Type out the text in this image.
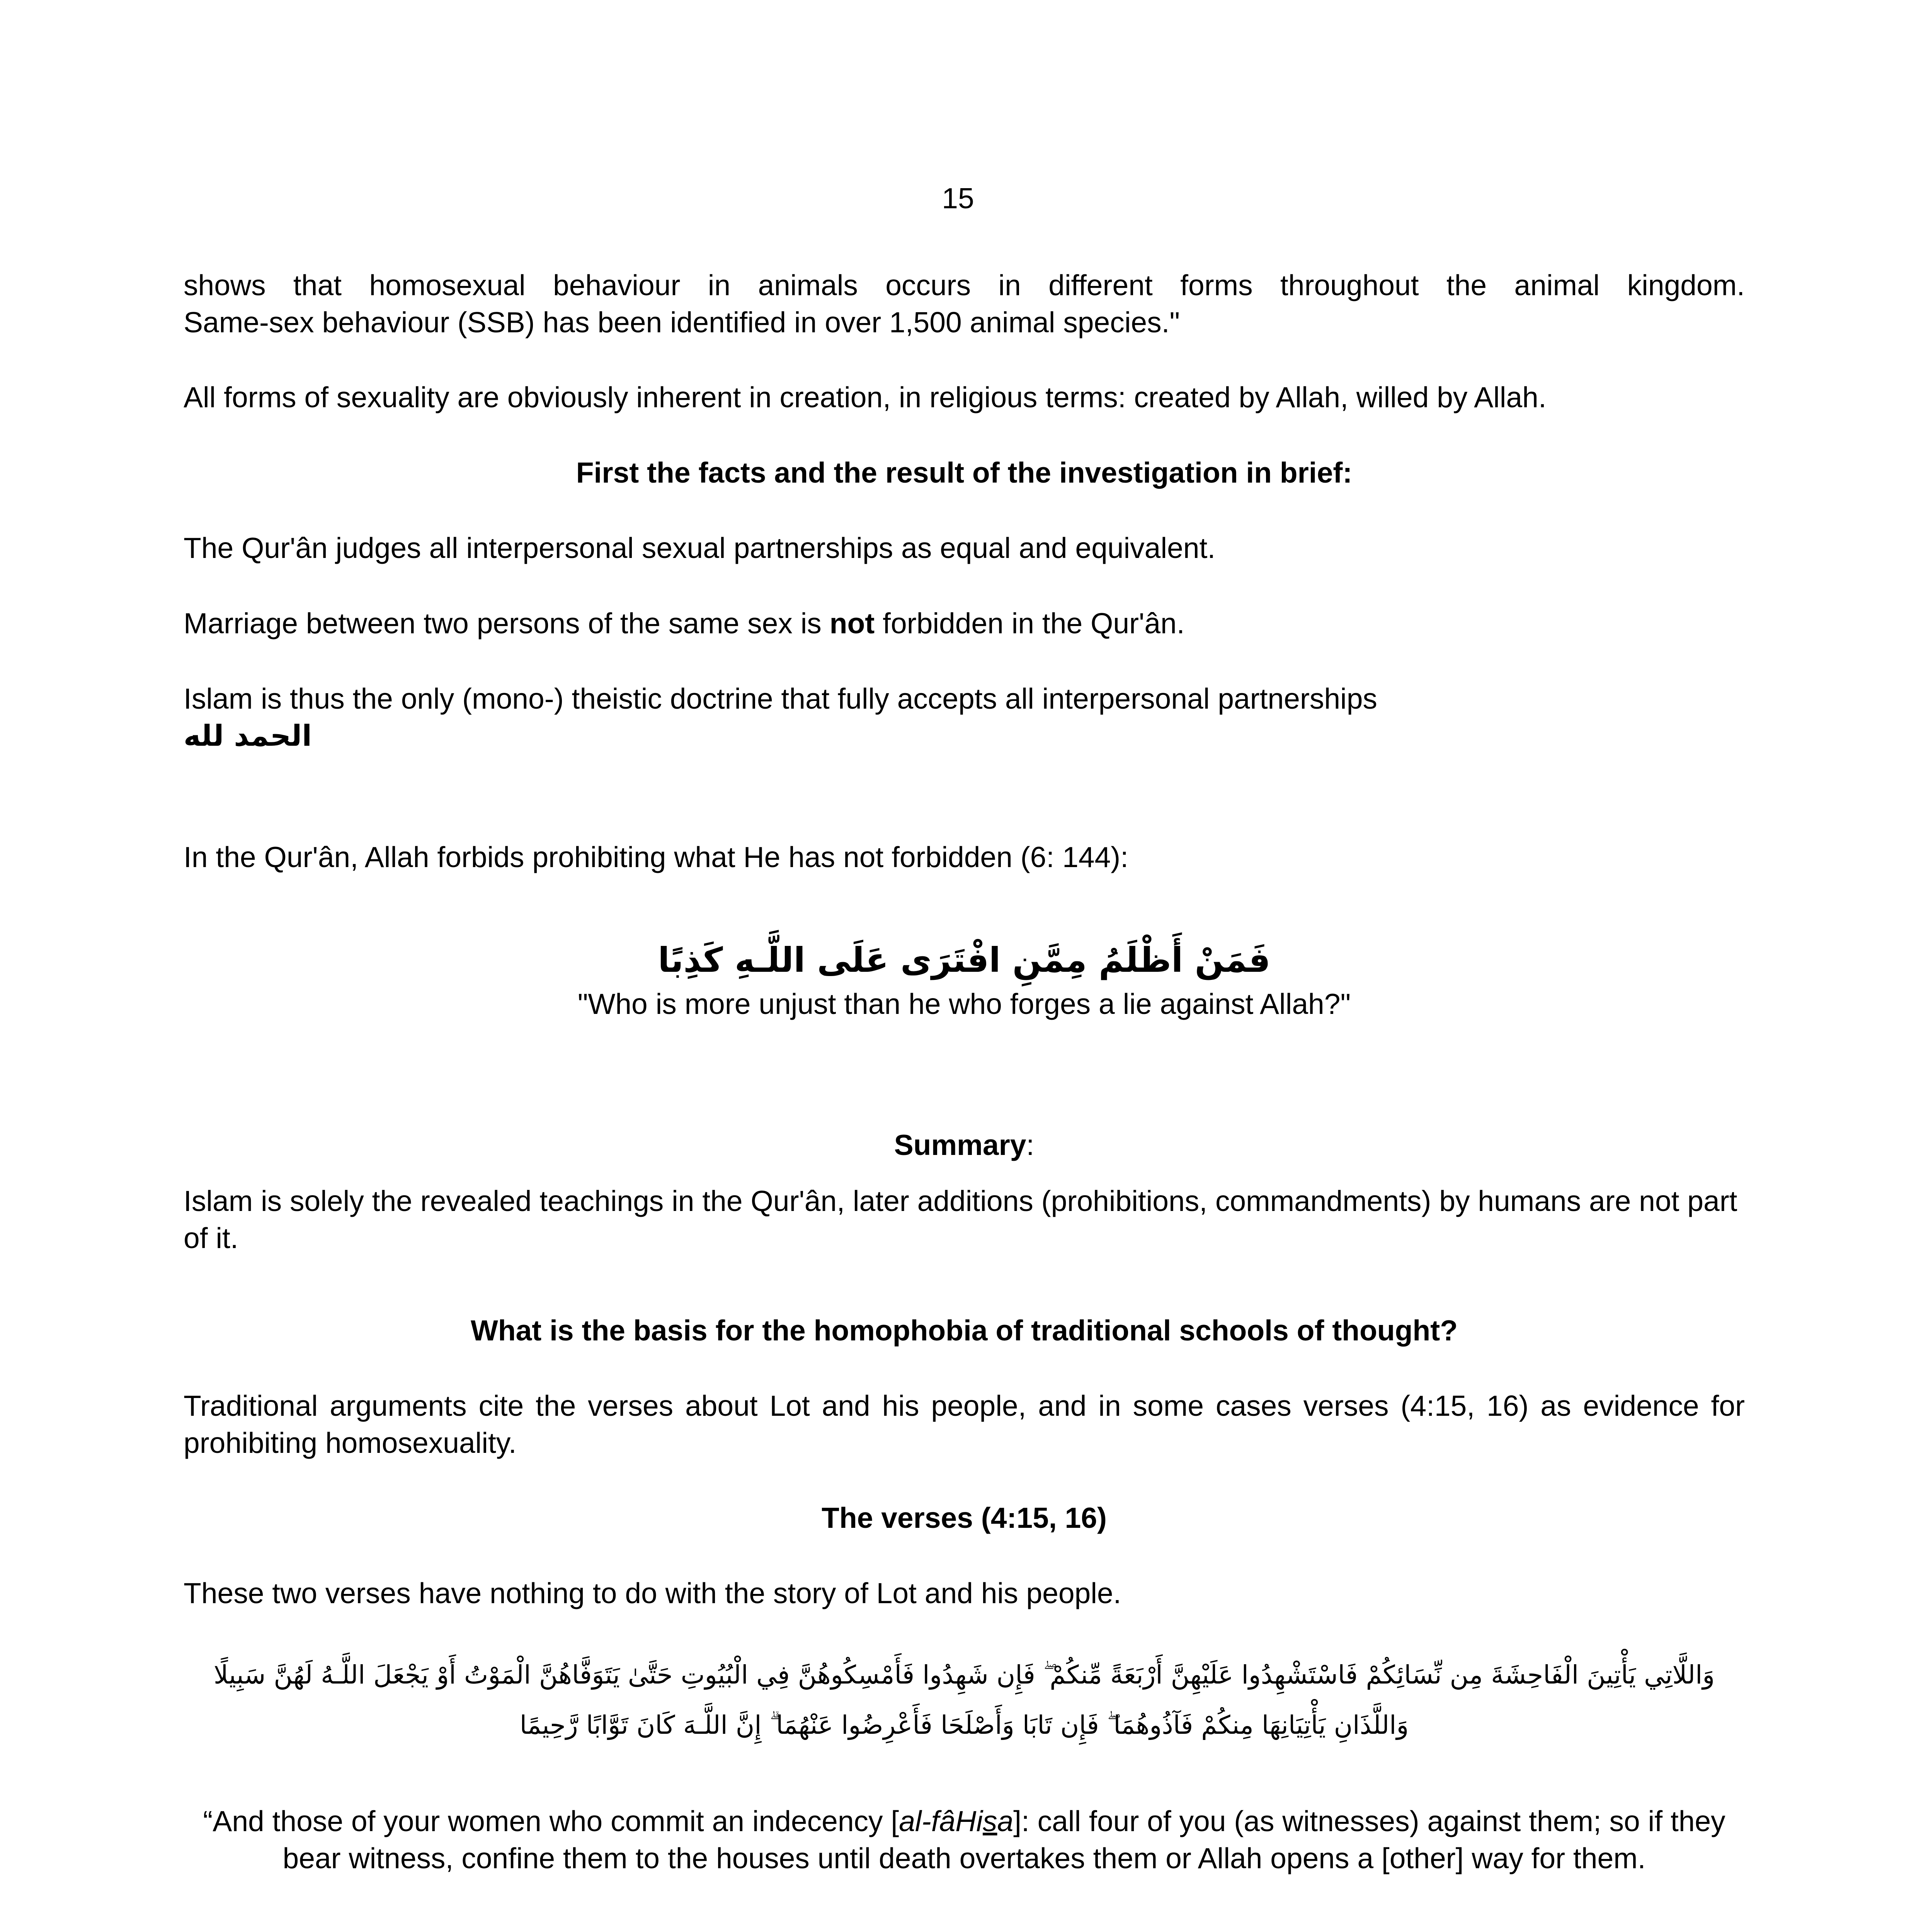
15

shows that homosexual behaviour in animals occurs in different forms throughout the animal kingdom.

Same-sex behaviour (SSB) has been identified in over 1,500 animal species."

All forms of sexuality are obviously inherent in creation, in religious terms: created by Allah, willed by Allah.
First the facts and the result of the investigation in brief:
The Qur'ân judges all interpersonal sexual partnerships as equal and equivalent.
Marriage between two persons of the same sex is not forbidden in the Qur'ân.

Islam is thus the only (mono-) theistic doctrine that fully accepts all interpersonal partnerships

الحمد لله

In the Qur'ân, Allah forbids prohibiting what He has not forbidden (6: 144):

فَمَنْ أَظْلَمُ مِمَّنِ افْتَرَى عَلَى اللَّـهِ كَذِبًا

"Who is more unjust than he who forges a lie against Allah?"

Summary:
Islam is solely the revealed teachings in the Qur'ân, later additions (prohibitions, commandments) by humans are not part of it.
What is the basis for the homophobia of traditional schools of thought?
Traditional arguments cite the verses about Lot and his people, and in some cases verses (4:15, 16) as evidence for prohibiting homosexuality.
The verses (4:15, 16)
These two verses have nothing to do with the story of Lot and his people.

وَاللَّاتِي يَأْتِينَ الْفَاحِشَةَ مِن نِّسَائِكُمْ فَاسْتَشْهِدُوا عَلَيْهِنَّ أَرْبَعَةً مِّنكُمْ ۖ فَإِن شَهِدُوا فَأَمْسِكُوهُنَّ فِي الْبُيُوتِ حَتَّىٰ يَتَوَفَّاهُنَّ الْمَوْتُ أَوْ يَجْعَلَ اللَّـهُ لَهُنَّ سَبِيلًا

وَاللَّذَانِ يَأْتِيَانِهَا مِنكُمْ فَآذُوهُمَا ۖ فَإِن تَابَا وَأَصْلَحَا فَأَعْرِضُوا عَنْهُمَا ۗ إِنَّ اللَّـهَ كَانَ تَوَّابًا رَّحِيمًا

“And those of your women who commit an indecency [al-fâHisa]: call four of you (as witnesses) against them; so if they bear witness, confine them to the houses until death overtakes them or Allah opens a [other] way for them.
